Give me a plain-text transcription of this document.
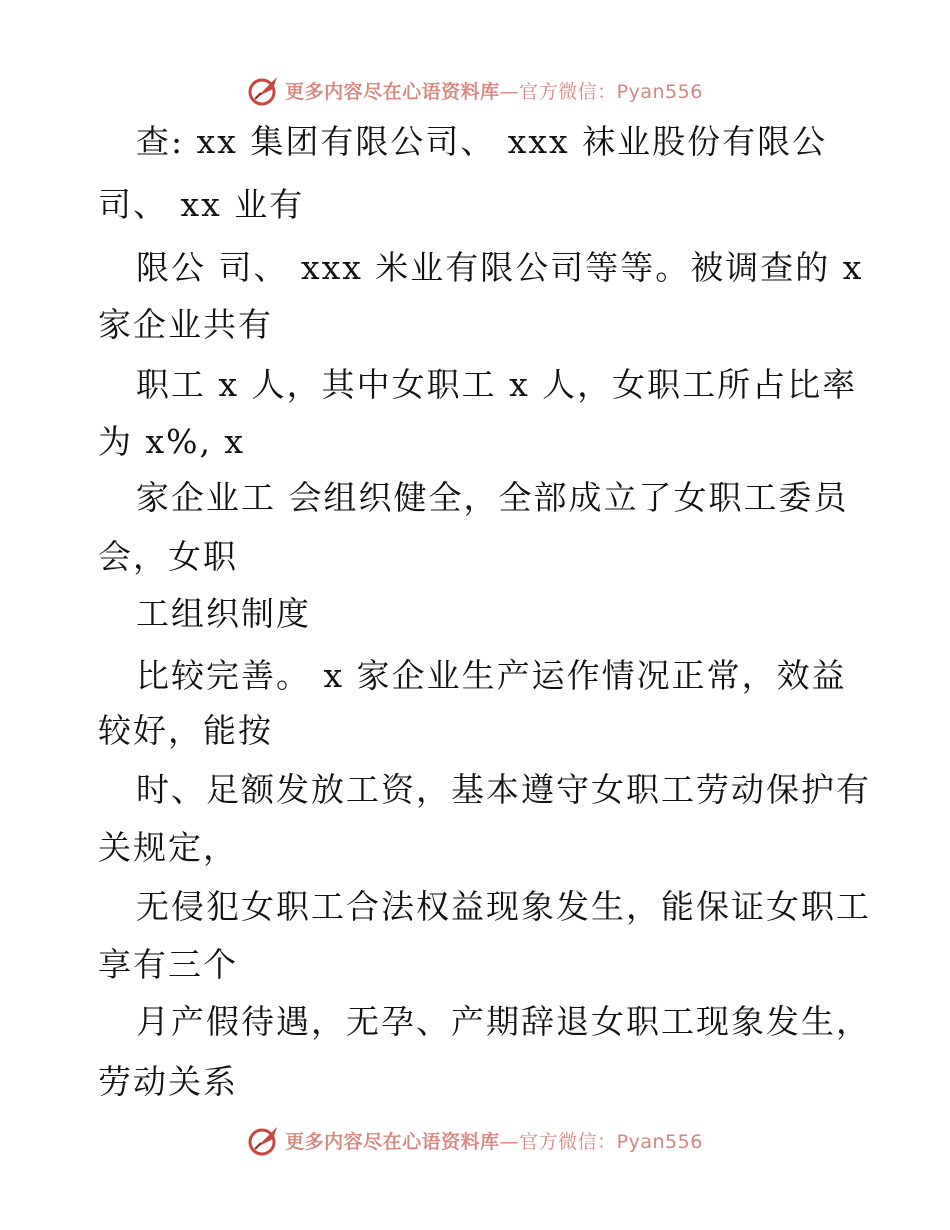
更多内容尽在心语资料库—官方微信：Pyan556
查: xx 集团有限公司、 xxx 袜业股份有限公
司、 xx 业有
限公 司、 xxx 米业有限公司等等。被调查的 x
家企业共有
职工 x 人，其中女职工 x 人，女职工所占比率
为 x%, x
家企业工 会组织健全，全部成立了女职工委员
会，女职
工组织制度
比较完善。 x 家企业生产运作情况正常，效益
较好，能按
时、足额发放工资，基本遵守女职工劳动保护有
关规定，
无侵犯女职工合法权益现象发生，能保证女职工
享有三个
月产假待遇，无孕、产期辞退女职工现象发生，
劳动关系
更多内容尽在心语资料库—官方微信：Pyan556
